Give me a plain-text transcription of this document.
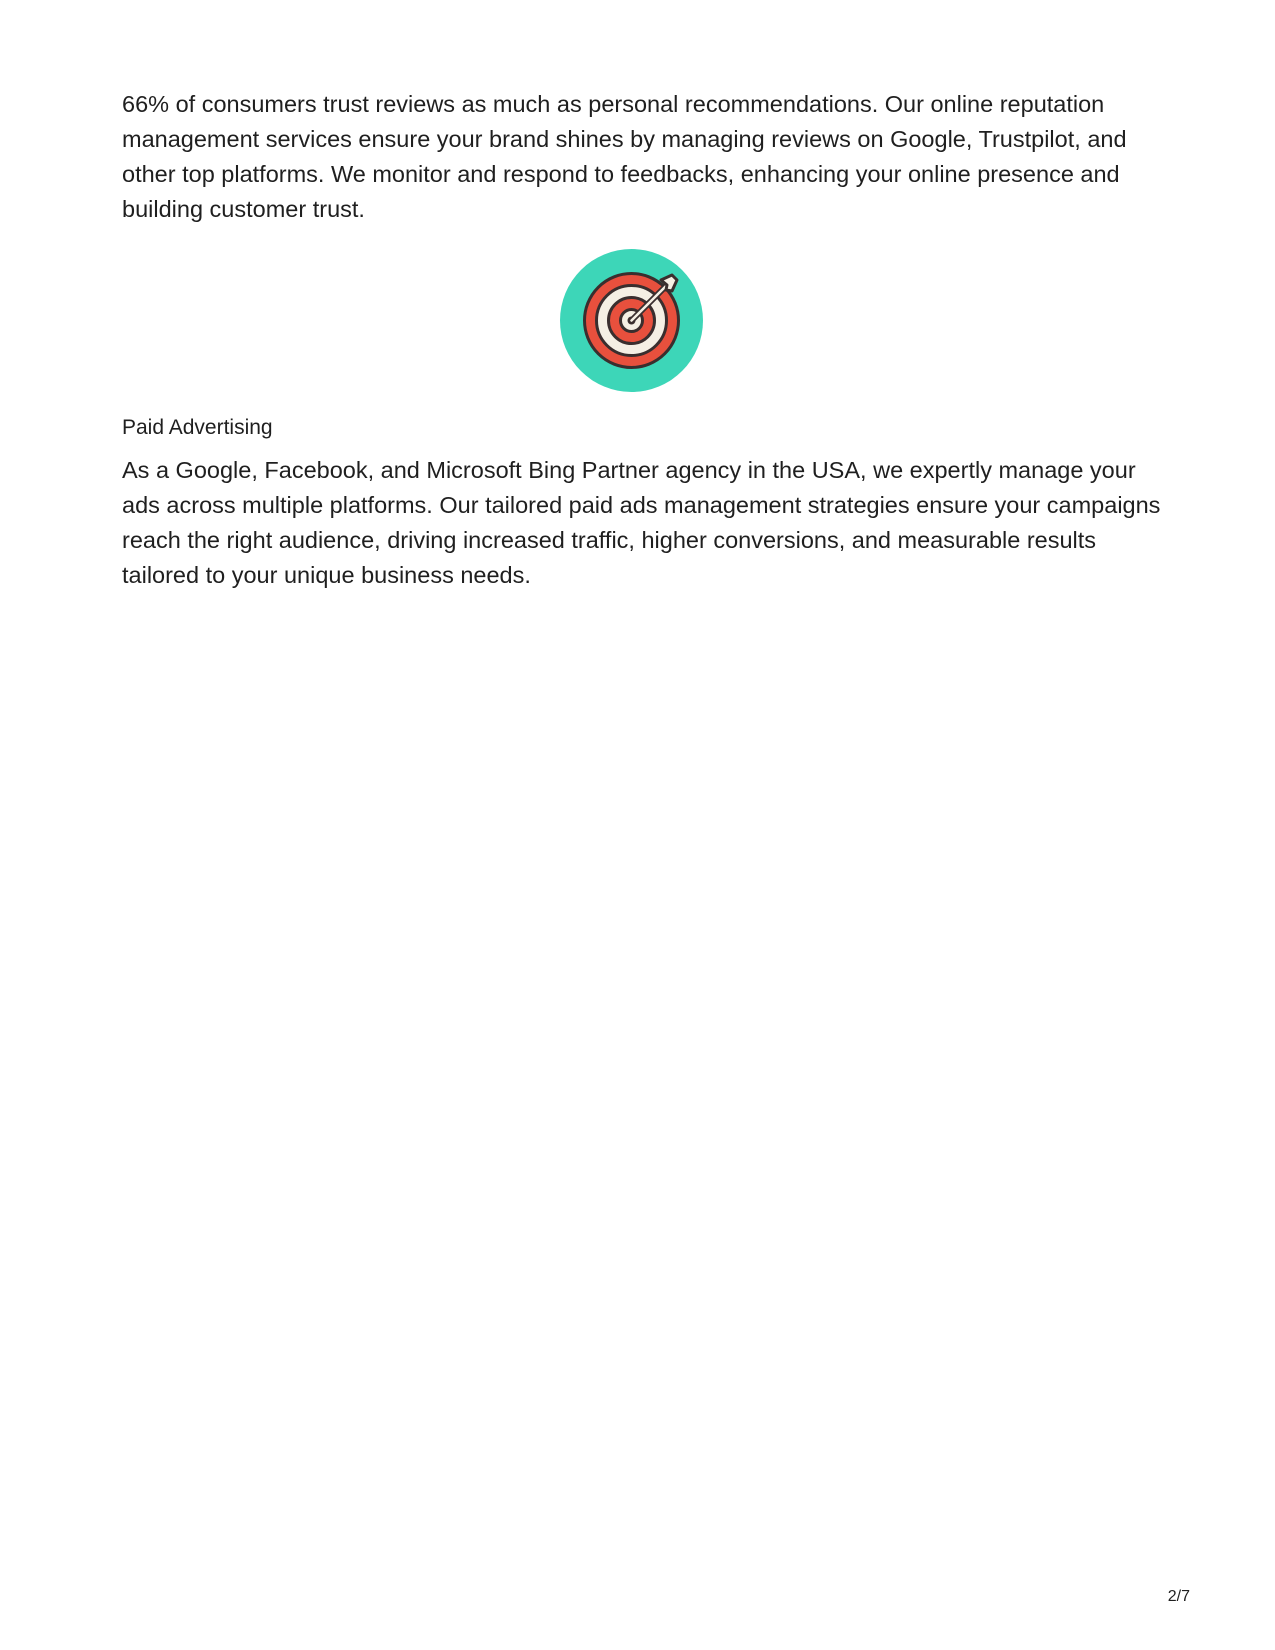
66% of consumers trust reviews as much as personal recommendations. Our online reputation management services ensure your brand shines by managing reviews on Google, Trustpilot, and other top platforms. We monitor and respond to feedbacks, enhancing your online presence and building customer trust.

Paid Advertising

As a Google, Facebook, and Microsoft Bing Partner agency in the USA, we expertly manage your ads across multiple platforms. Our tailored paid ads management strategies ensure your campaigns reach the right audience, driving increased traffic, higher conversions, and measurable results tailored to your unique business needs.

2/7
